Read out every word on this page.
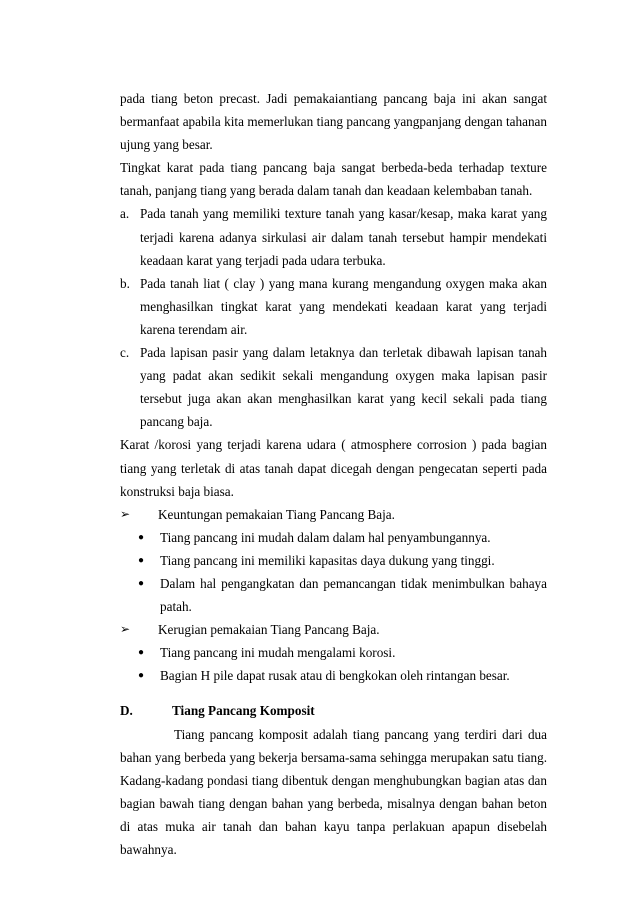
pada tiang beton precast. Jadi pemakaiantiang pancang baja ini akan sangat bermanfaat apabila kita memerlukan tiang pancang yangpanjang dengan tahanan ujung yang besar.

Tingkat karat pada tiang pancang baja sangat berbeda-beda terhadap texture tanah, panjang tiang yang berada dalam tanah dan keadaan kelembaban tanah.

a. Pada tanah yang memiliki texture tanah yang kasar/kesap, maka karat yang terjadi karena adanya sirkulasi air dalam tanah tersebut hampir mendekati keadaan karat yang terjadi pada udara terbuka.
b. Pada tanah liat ( clay ) yang mana kurang mengandung oxygen maka akan menghasilkan tingkat karat yang mendekati keadaan karat yang terjadi karena terendam air.
c. Pada lapisan pasir yang dalam letaknya dan terletak dibawah lapisan tanah yang padat akan sedikit sekali mengandung oxygen maka lapisan pasir tersebut juga akan akan menghasilkan karat yang kecil sekali pada tiang pancang baja.

Karat /korosi yang terjadi karena udara ( atmosphere corrosion ) pada bagian tiang yang terletak di atas tanah dapat dicegah dengan pengecatan seperti pada konstruksi baja biasa.

➢	Keuntungan pemakaian Tiang Pancang Baja.
●	Tiang pancang ini mudah dalam dalam hal penyambungannya.
●	Tiang pancang ini memiliki kapasitas daya dukung yang tinggi.
●	Dalam hal pengangkatan dan pemancangan tidak menimbulkan bahaya patah.
➢	Kerugian pemakaian Tiang Pancang Baja.
●	Tiang pancang ini mudah mengalami korosi.
●	Bagian H pile dapat rusak atau di bengkokan oleh rintangan besar.
D.	Tiang Pancang Komposit

Tiang pancang komposit adalah tiang pancang yang terdiri dari dua bahan yang berbeda yang bekerja bersama-sama sehingga merupakan satu tiang. Kadang-kadang pondasi tiang dibentuk dengan menghubungkan bagian atas dan bagian bawah tiang dengan bahan yang berbeda, misalnya dengan bahan beton di atas muka air tanah dan bahan kayu tanpa perlakuan apapun disebelah bawahnya.
